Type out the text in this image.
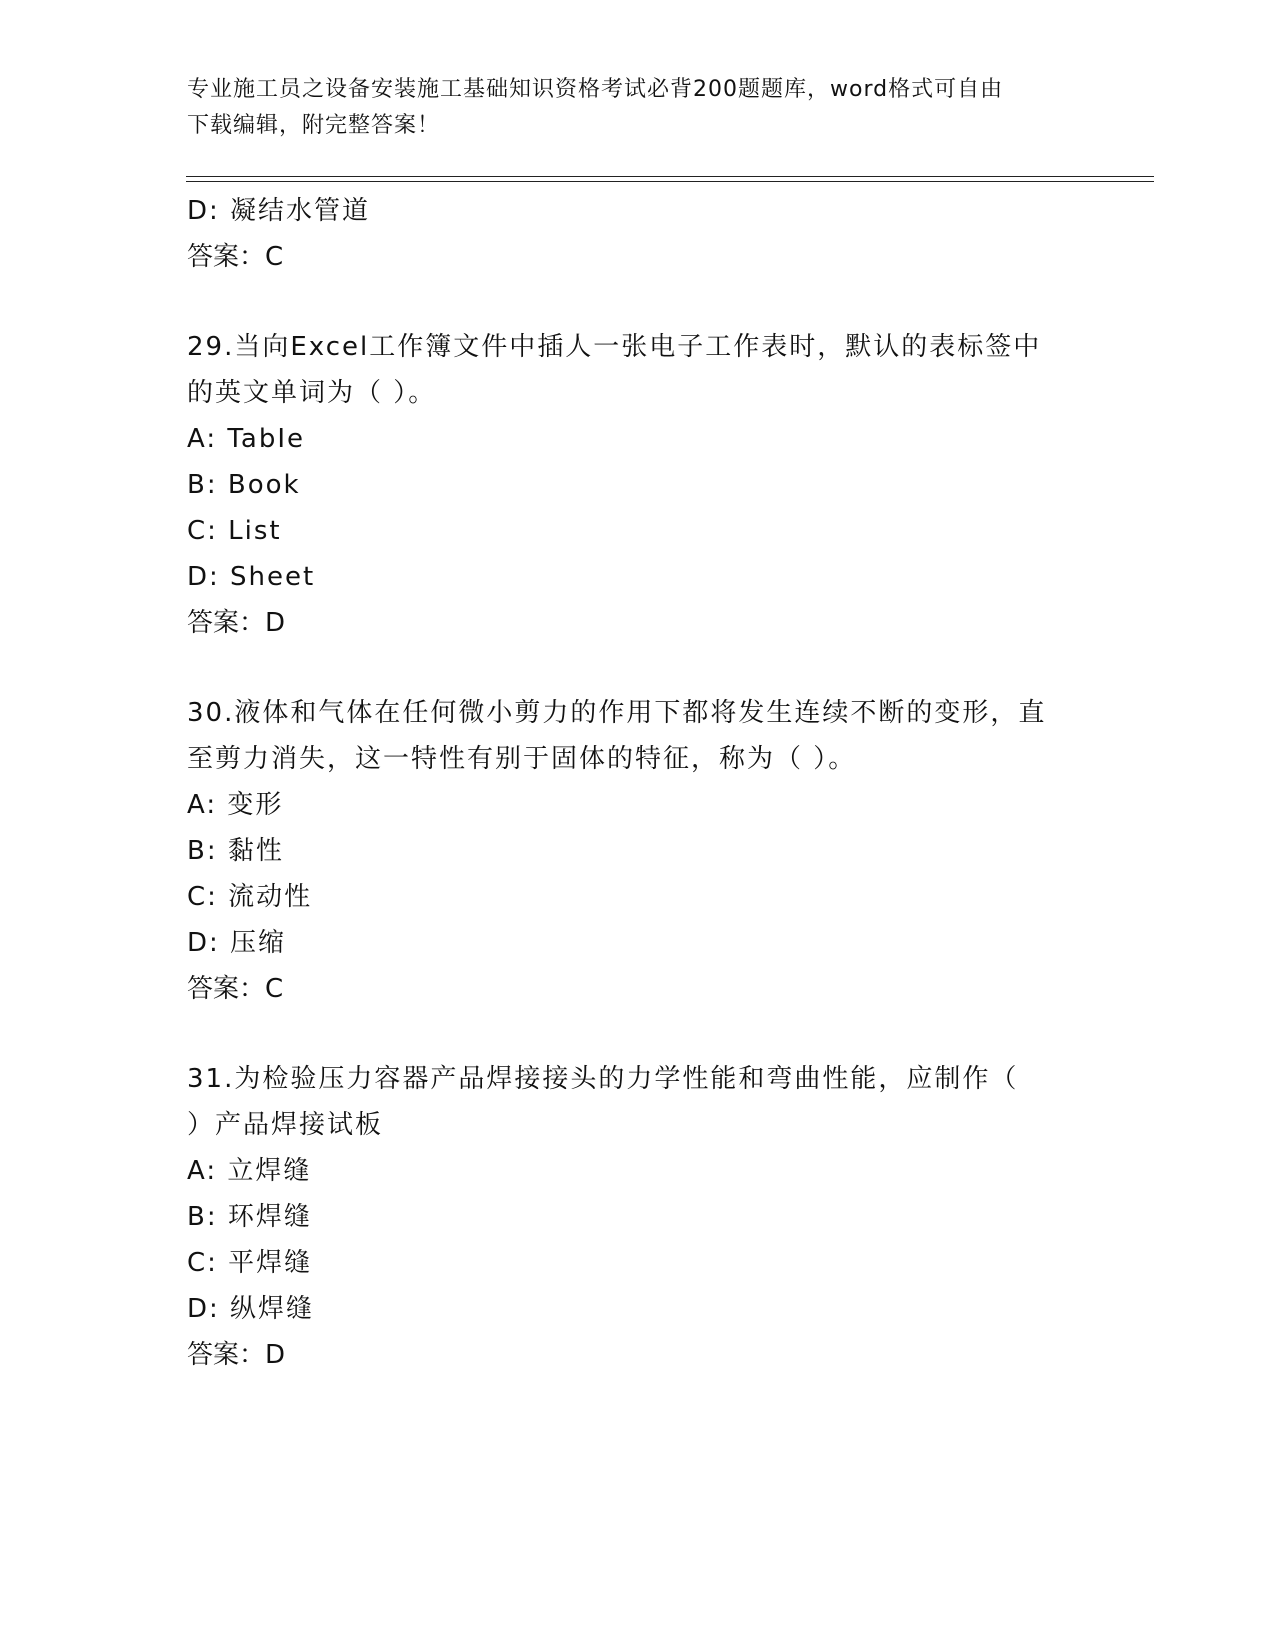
专业施工员之设备安装施工基础知识资格考试必背200题题库，word格式可自由
下载编辑，附完整答案！
D: 凝结水管道
答案：C
29.当向Excel工作簿文件中插人一张电子工作表时，默认的表标签中
的英文单词为（ ）。
A: TabIe
B: Book
C: List
D: Sheet
答案：D
30.液体和气体在任何微小剪力的作用下都将发生连续不断的变形，直
至剪力消失，这一特性有别于固体的特征，称为（ ）。
A: 变形
B: 黏性
C: 流动性
D: 压缩
答案：C
31.为检验压力容器产品焊接接头的力学性能和弯曲性能，应制作（
）产品焊接试板
A: 立焊缝
B: 环焊缝
C: 平焊缝
D: 纵焊缝
答案：D
